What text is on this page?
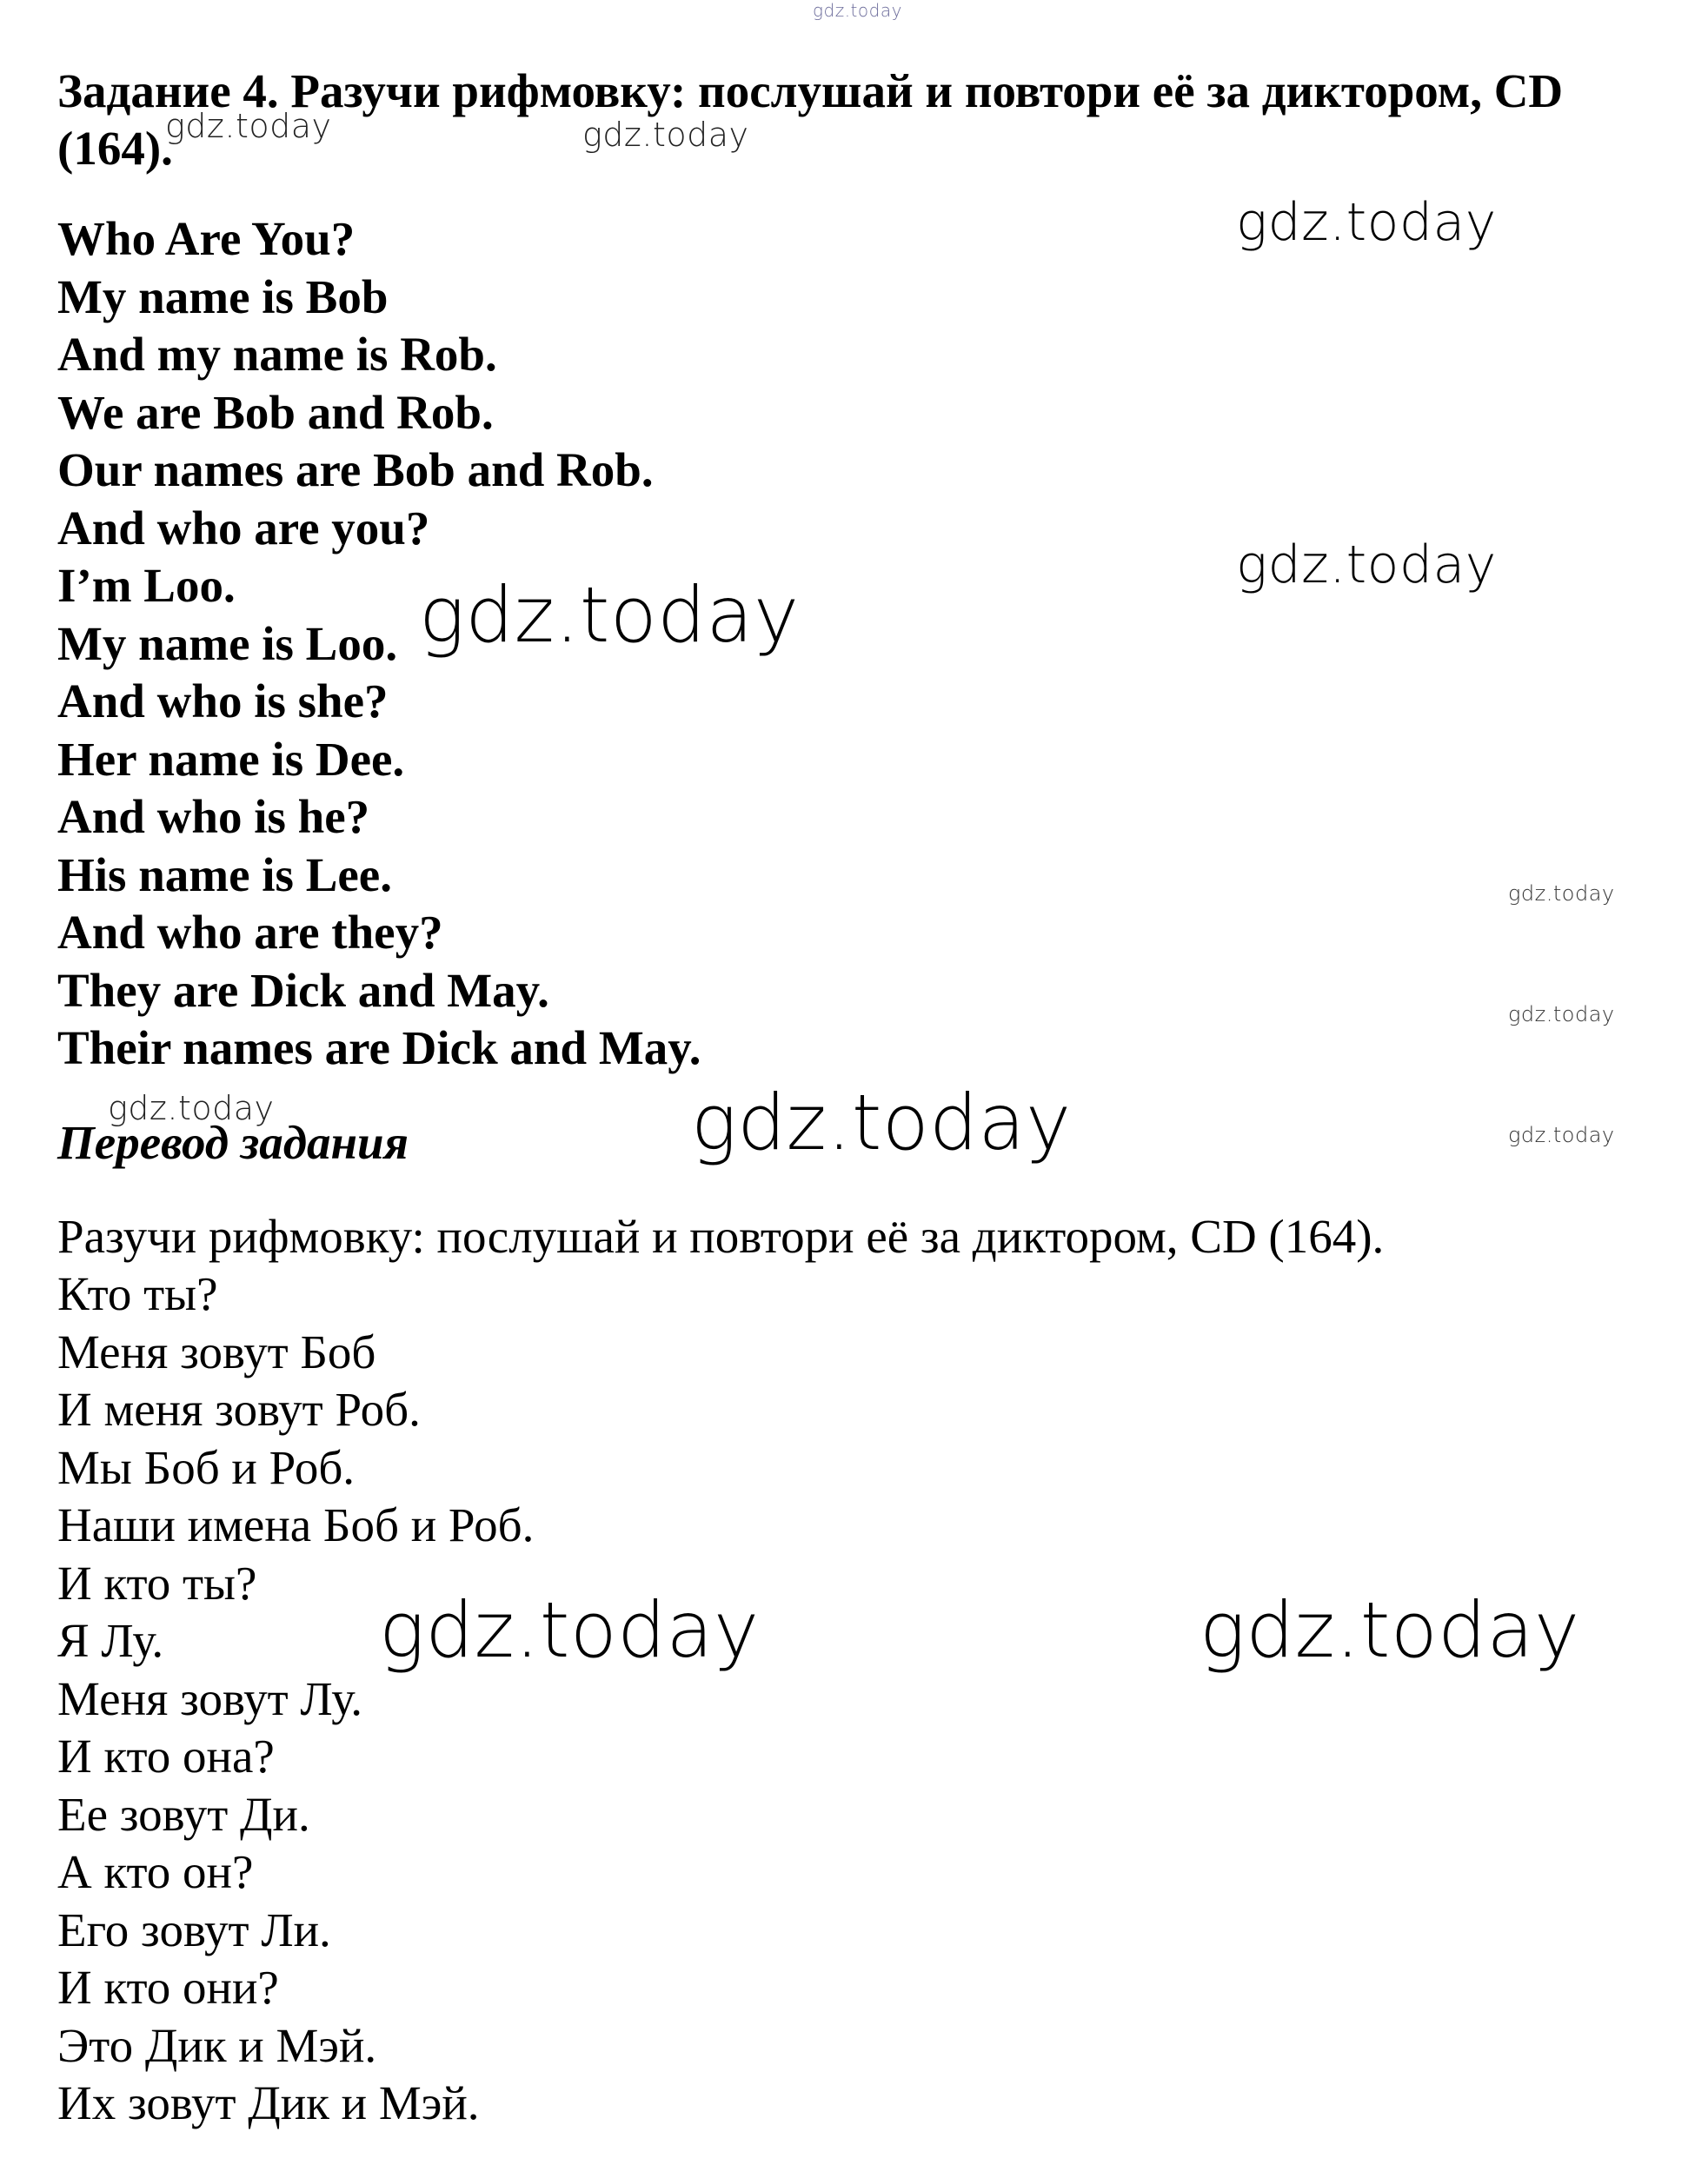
Задание 4. Разучи рифмовку: послушай и повтори её за диктором, CD (164).
Who Are You?
My name is Bob
And my name is Rob.
We are Bob and Rob.
Our names are Bob and Rob.
And who are you?
I’m Loo.
My name is Loo.
And who is she?
Her name is Dee.
And who is he?
His name is Lee.
And who are they?
They are Dick and May.
Their names are Dick and May.
Перевод задания

Разучи рифмовку: послушай и повтори её за диктором, CD (164).

Кто ты?
Меня зовут Боб
И меня зовут Роб.
Мы Боб и Роб.
Наши имена Боб и Роб.
И кто ты?
Я Лу.
Меня зовут Лу.
И кто она?
Ее зовут Ди.
А кто он?
Его зовут Ли.
И кто они?
Это Дик и Мэй.
Их зовут Дик и Мэй.
gdz.today
gdz.today	gdz.today
gdz.today
gdz.today
gdz.today
gdz.today
gdz.today
gdz.today	gdz.today	gdz.today
gdz.today	gdz.today
